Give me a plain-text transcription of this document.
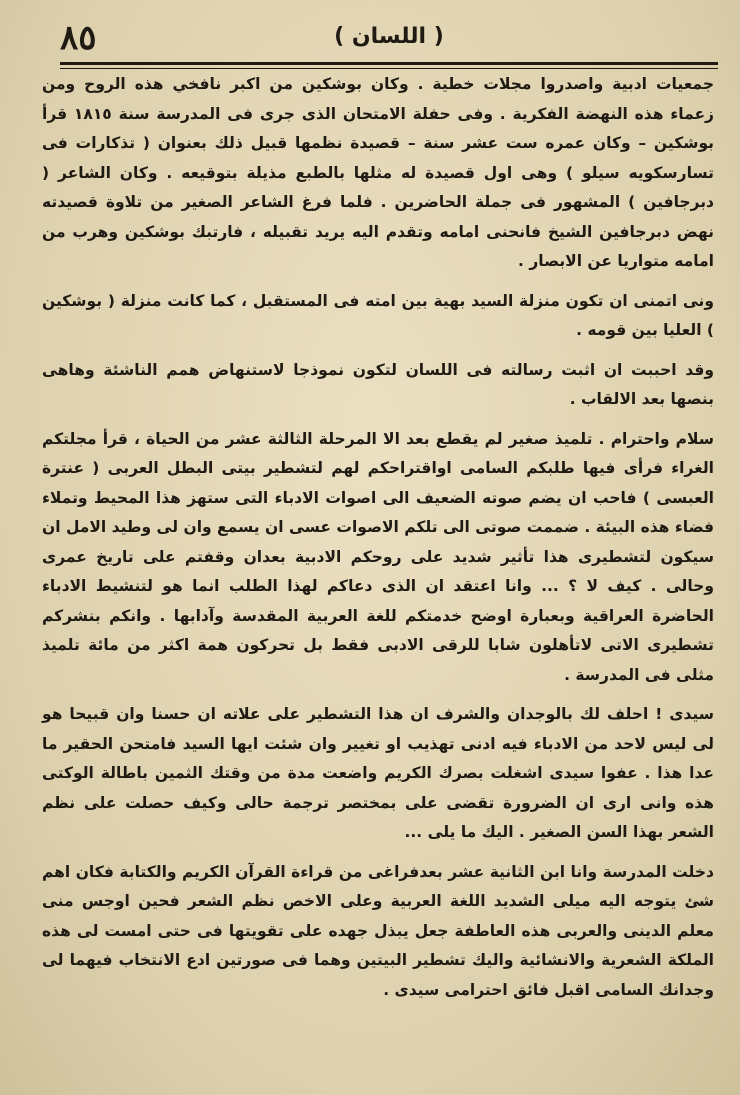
٨٥	( اللسان )

جمعيات ادبية واصدروا مجلات خطية . وكان بوشكين من اكبر نافخي هذه الروح ومن زعماء هذه النهضة الفكرية . وفى حفلة الامتحان الذى جرى فى المدرسة سنة ١٨١٥ قرأ بوشكين – وكان عمره ست عشر سنة – قصيدة نظمها قبيل ذلك بعنوان ( تذكارات فى تسارسكويه سيلو ) وهى اول قصيدة له مثلها بالطبع مذيلة بتوقيعه . وكان الشاعر ( دبرجافين ) المشهور فى جملة الحاضرين . فلما فرغ الشاعر الصغير من تلاوة قصيدته نهض دبرجافين الشيخ فانحنى امامه وتقدم اليه يريد تقبيله ، فارتبك بوشكين وهرب من امامه متواريا عن الابصار .

ونى اتمنى ان تكون منزلة السيد بهية بين امته فى المستقبل ، كما كانت منزلة ( بوشكين ) العليا بين قومه .

وقد احببت ان اثبت رسالته فى اللسان لتكون نموذجا لاستنهاض همم الناشئة وهاهى بنصها بعد الالقاب .

سلام واحترام . تلميذ صغير لم يقطع بعد الا المرحلة الثالثة عشر من الحياة ، قرأ مجلتكم الغراء فرأى فيها طلبكم السامى اواقتراحكم لهم لتشطير بيتى البطل العربى ( عنترة العبسى ) فاحب ان يضم صوته الضعيف الى اصوات الادباء التى ستهز هذا المحيط وتملاء فضاء هذه البيئة . ضممت صوتى الى تلكم الاصوات عسى ان يسمع وان لى وطيد الامل ان سيكون لتشطيرى هذا تأثير شديد على روحكم الادبية بعدان وقفتم على تاريخ عمرى وحالى . كيف لا ؟ ... وانا اعتقد ان الذى دعاكم لهذا الطلب انما هو لتنشيط الادباء الحاضرة العراقية وبعبارة اوضح خدمتكم للغة العربية المقدسة وآدابها . وانكم بنشركم تشطيرى الاتى لاتأهلون شابا للرقى الادبى فقط بل تحركون همة اكثر من مائة تلميذ مثلى فى المدرسة .

سيدى ! احلف لك بالوجدان والشرف ان هذا التشطير على علاته ان حسنا وان قبيحا هو لى ليس لاحد من الادباء فيه ادنى تهذيب او تغيير وان شئت ايها السيد فامتحن الحقير ما عدا هذا . عفوا سيدى اشغلت بصرك الكريم واضعت مدة من وقتك الثمين باطالة الوكتى هذه وانى ارى ان الضرورة تقضى على بمختصر ترجمة حالى وكيف حصلت على نظم الشعر بهذا السن الصغير . اليك ما يلى ...

دخلت المدرسة وانا ابن الثانية عشر بعدفراغى من قراءة القرآن الكريم والكتابة فكان اهم شئ يتوجه اليه ميلى الشديد اللغة العربية وعلى الاخص نظم الشعر فحين اوجس منى معلم الدينى والعربى هذه العاطفة جعل يبذل جهده على تقويتها فى حتى امست لى هذه الملكة الشعرية والانشائية واليك تشطير البيتين وهما فى صورتين ادع الانتخاب فيهما لى وجدانك السامى اقبل فائق احترامى سيدى .
